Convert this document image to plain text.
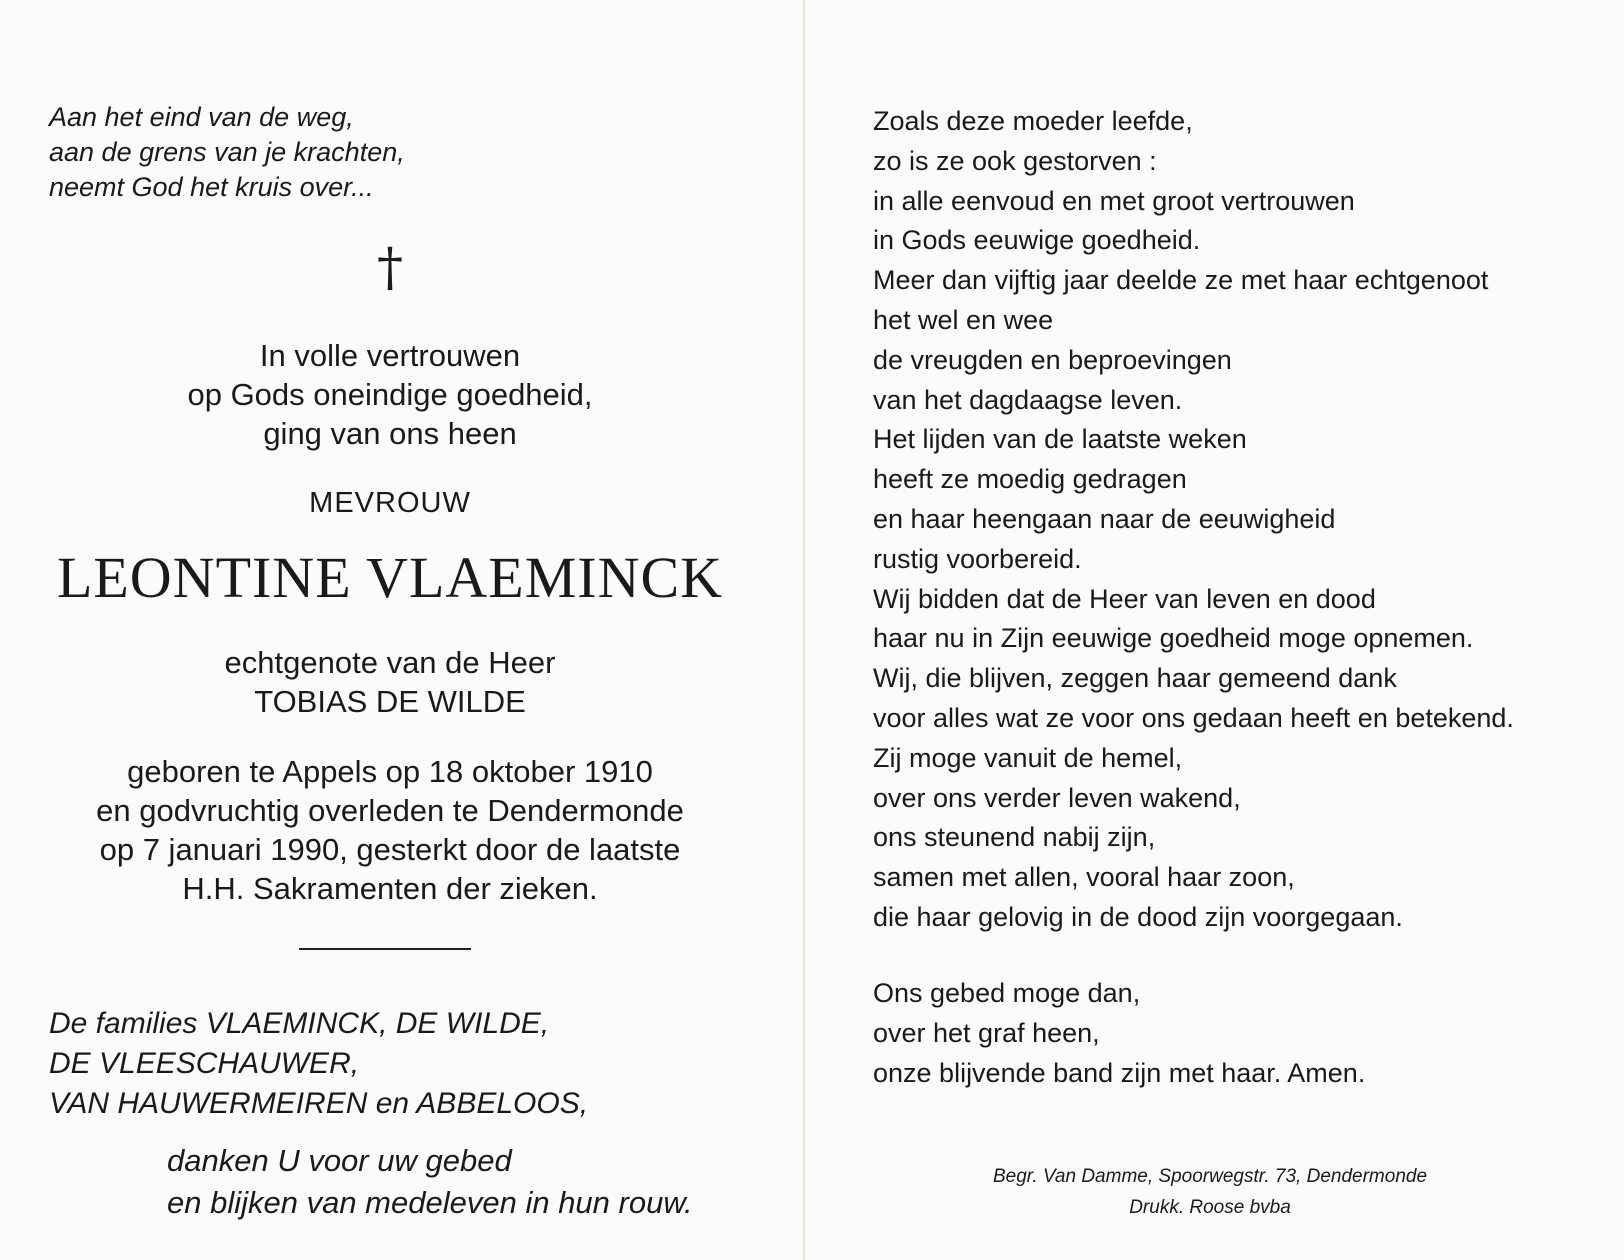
Aan het eind van de weg,
aan de grens van je krachten,
neemt God het kruis over...
†
In volle vertrouwen
op Gods oneindige goedheid,
ging van ons heen
MEVROUW
LEONTINE VLAEMINCK
echtgenote van de Heer
TOBIAS DE WILDE
geboren te Appels op 18 oktober 1910
en godvruchtig overleden te Dendermonde
op 7 januari 1990, gesterkt door de laatste
H.H. Sakramenten der zieken.
De families VLAEMINCK, DE WILDE,
DE VLEESCHAUWER,
VAN HAUWERMEIREN en ABBELOOS,
danken U voor uw gebed
en blijken van medeleven in hun rouw.
Zoals deze moeder leefde,
zo is ze ook gestorven :
in alle eenvoud en met groot vertrouwen
in Gods eeuwige goedheid.
Meer dan vijftig jaar deelde ze met haar echtgenoot
het wel en wee
de vreugden en beproevingen
van het dagdaagse leven.
Het lijden van de laatste weken
heeft ze moedig gedragen
en haar heengaan naar de eeuwigheid
rustig voorbereid.
Wij bidden dat de Heer van leven en dood
haar nu in Zijn eeuwige goedheid moge opnemen.
Wij, die blijven, zeggen haar gemeend dank
voor alles wat ze voor ons gedaan heeft en betekend.
Zij moge vanuit de hemel,
over ons verder leven wakend,
ons steunend nabij zijn,
samen met allen, vooral haar zoon,
die haar gelovig in de dood zijn voorgegaan.
Ons gebed moge dan,
over het graf heen,
onze blijvende band zijn met haar. Amen.
Begr. Van Damme, Spoorwegstr. 73, Dendermonde
Drukk. Roose bvba
